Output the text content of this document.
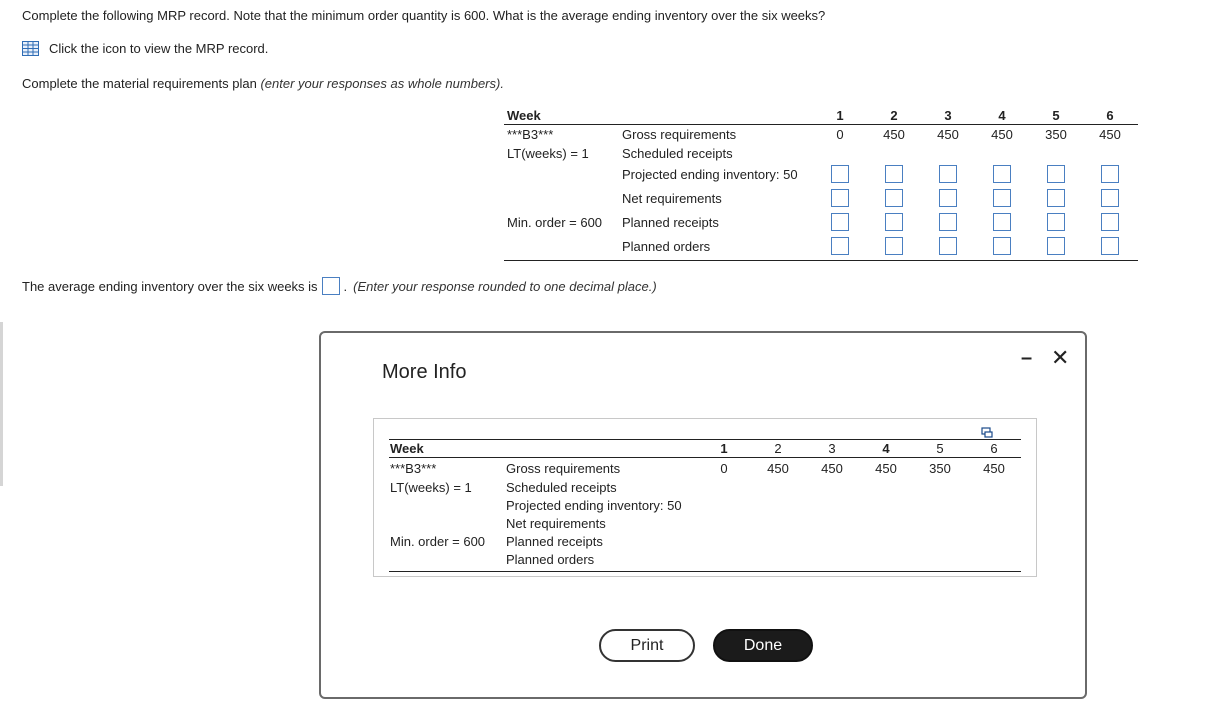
Complete the following MRP record. Note that the minimum order quantity is 600. What is the average ending inventory over the six weeks?
Click the icon to view the MRP record.
Complete the material requirements plan (enter your responses as whole numbers).
Week
***B3***
LT(weeks) = 1
Min. order = 600
Gross requirements
Scheduled receipts
Projected ending inventory: 50
Net requirements
Planned receipts
Planned orders
1
0
2
450
3
450
4
450
5
350
6
450
The average ending inventory over the six weeks is . (Enter your response rounded to one decimal place.)
More Info
– ✕
Week
***B3***
LT(weeks) = 1
Min. order = 600
Gross requirements
Scheduled receipts
Projected ending inventory: 50
Net requirements
Planned receipts
Planned orders
1
0
2
450
3
450
4
450
5
350
6
450
Print	Done
